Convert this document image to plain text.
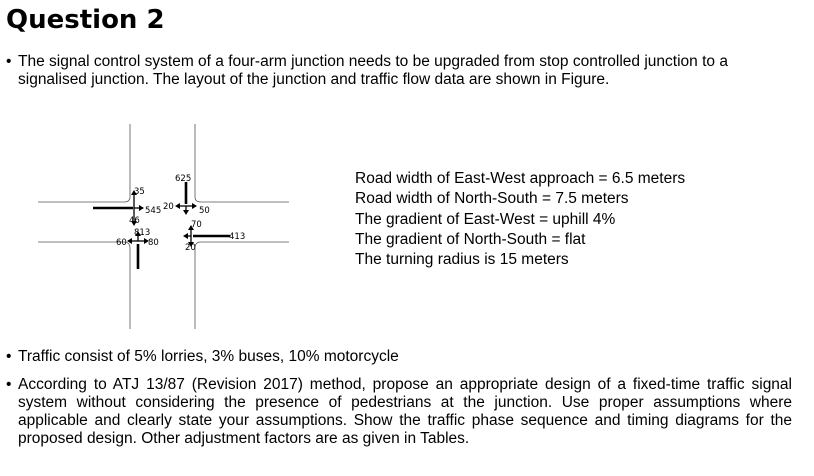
Question 2
• The signal control system of a four-arm junction needs to be upgraded from stop controlled junction to a signalised junction. The layout of the junction and traffic flow data are shown in Figure.
35
545
46
625
20	50
813
60 80
70
413
20
Road width of East-West approach = 6.5 meters
Road width of North-South = 7.5 meters
The gradient of East-West = uphill 4%
The gradient of North-South = flat
The turning radius is 15 meters
• Traffic consist of 5% lorries, 3% buses, 10% motorcycle
• According to ATJ 13/87 (Revision 2017) method, propose an appropriate design of a fixed-time traffic signal system without considering the presence of pedestrians at the junction. Use proper assumptions where applicable and clearly state your assumptions. Show the traffic phase sequence and timing diagrams for the proposed design. Other adjustment factors are as given in Tables.
